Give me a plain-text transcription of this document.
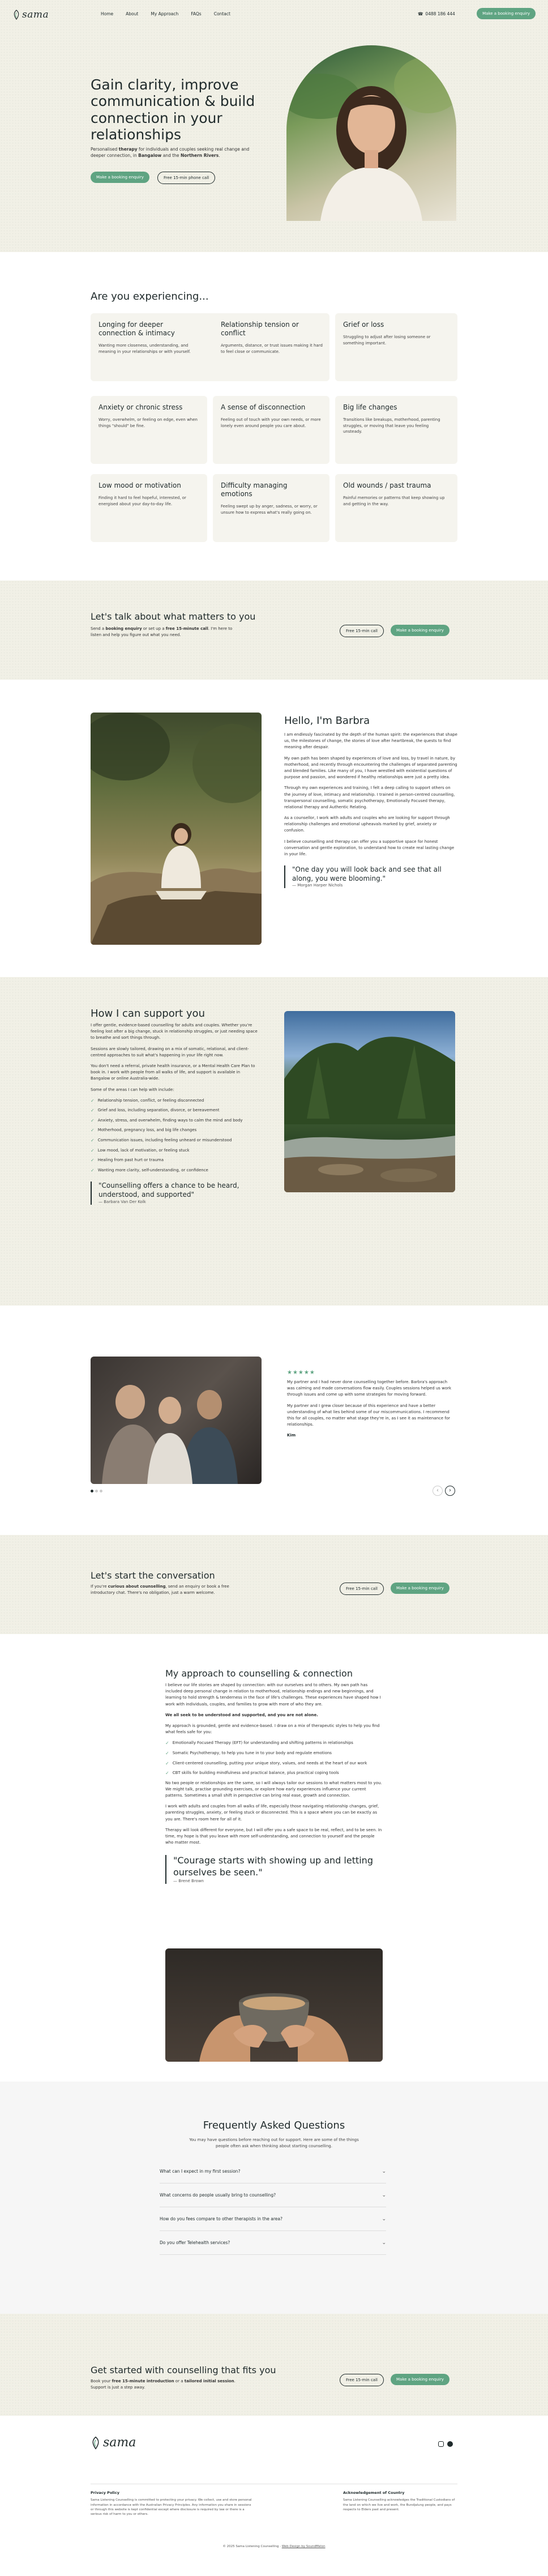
sama	Home	About	My Approach	FAQs	Contact	☎ 0488 186 444	Make a booking enquiry
Gain clarity, improve communication & build connection in your relationships

Personalised therapy for individuals and couples seeking real change and deeper connection, in Bangalow and the Northern Rivers.

Make a booking enquiry	Free 15-min phone call
Are you experiencing...
Longing for deeper connection & intimacy
Wanting more closeness, understanding, and meaning in your relationships or with yourself.
Relationship tension or conflict
Arguments, distance, or trust issues making it hard to feel close or communicate.
Grief or loss
Struggling to adjust after losing someone or something important.
Anxiety or chronic stress
Worry, overwhelm, or feeling on edge, even when things "should" be fine.
A sense of disconnection
Feeling out of touch with your own needs, or more lonely even around people you care about.
Big life changes
Transitions like breakups, motherhood, parenting struggles, or moving that leave you feeling unsteady.
Low mood or motivation
Finding it hard to feel hopeful, interested, or energised about your day-to-day life.
Difficulty managing emotions
Feeling swept up by anger, sadness, or worry, or unsure how to express what's really going on.
Old wounds / past trauma
Painful memories or patterns that keep showing up and getting in the way.
Let's talk about what matters to you

Send a booking enquiry or set up a free 15-minute call. I'm here to listen and help you figure out what you need.

Free 15-min call	Make a booking enquiry
Hello, I'm Barbra

I am endlessly fascinated by the depth of the human spirit: the experiences that shape us, the milestones of change, the stories of love after heartbreak, the quests to find meaning after despair.

My own path has been shaped by experiences of love and loss, by travel in nature, by motherhood, and recently through encountering the challenges of separated parenting and blended families. Like many of you, I have wrestled with existential questions of purpose and passion, and wondered if healthy relationships were just a pretty idea.

Through my own experiences and training, I felt a deep calling to support others on the journey of love, intimacy and relationship. I trained in person-centred counselling, transpersonal counselling, somatic psychotherapy, Emotionally Focused therapy, relational therapy and Authentic Relating.

As a counsellor, I work with adults and couples who are looking for support through relationship challenges and emotional upheavals marked by grief, anxiety or confusion.

I believe counselling and therapy can offer you a supportive space for honest conversation and gentle exploration, to understand how to create real lasting change in your life.

"One day you will look back and see that all along, you were blooming."
— Morgan Harper Nichols
How I can support you

I offer gentle, evidence-based counselling for adults and couples. Whether you're feeling lost after a big change, stuck in relationship struggles, or just needing space to breathe and sort things through.

Sessions are slowly tailored, drawing on a mix of somatic, relational, and client-centred approaches to suit what's happening in your life right now.

You don't need a referral, private health insurance, or a Mental Health Care Plan to book in. I work with people from all walks of life, and support is available in Bangalow or online Australia-wide.

Some of the areas I can help with include:

✓ Relationship tension, conflict, or feeling disconnected
✓ Grief and loss, including separation, divorce, or bereavement
✓ Anxiety, stress, and overwhelm, finding ways to calm the mind and body
✓ Motherhood, pregnancy loss, and big life changes
✓ Communication issues, including feeling unheard or misunderstood
✓ Low mood, lack of motivation, or feeling stuck
✓ Healing from past hurt or trauma
✓ Wanting more clarity, self-understanding, or confidence
"Counselling offers a chance to be heard, understood, and supported"
— Barbara Van Der Kolk
★★★★★

My partner and I had never done counselling together before. Barbra's approach was calming and made conversations flow easily. Couples sessions helped us work through issues and come up with some strategies for moving forward.

My partner and I grew closer because of this experience and have a better understanding of what lies behind some of our miscommunications. I recommend this for all couples, no matter what stage they're in, as I see it as maintenance for relationships.

Kim

‹ ›
Let's start the conversation

If you're curious about counselling, send an enquiry or book a free introductory chat. There's no obligation, just a warm welcome.

Free 15-min call	Make a booking enquiry
My approach to counselling & connection

I believe our life stories are shaped by connection: with our ourselves and to others. My own path has included deep personal change in relation to motherhood, relationship endings and new beginnings, and learning to hold strength & tenderness in the face of life's challenges. These experiences have shaped how I work with individuals, couples, and families to grow with more of who they are.

We all seek to be understood and supported, and you are not alone.

My approach is grounded, gentle and evidence-based. I draw on a mix of therapeutic styles to help you find what feels safe for you:

✓ Emotionally Focused Therapy (EFT) for understanding and shifting patterns in relationships
✓ Somatic Psychotherapy, to help you tune in to your body and regulate emotions
✓ Client-centered counselling, putting your unique story, values, and needs at the heart of our work
✓ CBT skills for building mindfulness and practical balance, plus practical coping tools

No two people or relationships are the same, so I will always tailor our sessions to what matters most to you. We might talk, practise grounding exercises, or explore how early experiences influence your current patterns. Sometimes a small shift in perspective can bring real ease, growth and connection.

I work with adults and couples from all walks of life, especially those navigating relationship changes, grief, parenting struggles, anxiety, or feeling stuck or disconnected. This is a space where you can be exactly as you are. There's room here for all of it.

Therapy will look different for everyone, but I will offer you a safe space to be real, reflect, and to be seen. In time, my hope is that you leave with more self-understanding, and connection to yourself and the people who matter most.

"Courage starts with showing up and letting ourselves be seen."
— Brené Brown
Frequently Asked Questions

You may have questions before reaching out for support. Here are some of the things people often ask when thinking about starting counselling.

What can I expect in my first session?	⌄
What concerns do people usually bring to counselling?	⌄
How do you fees compare to other therapists in the area?	⌄
Do you offer Telehealth services?	⌄
Get started with counselling that fits you

Book your free 15-minute introduction or a tailored initial session. Support is just a step away.

Free 15-min call	Make a booking enquiry
sama
Privacy Policy
Sama Listening Counselling is committed to protecting your privacy. We collect, use and store personal information in accordance with the Australian Privacy Principles. Any information you share in sessions or through this website is kept confidential except where disclosure is required by law or there is a serious risk of harm to you or others.
Acknowledgement of Country
Sama Listening Counselling acknowledges the Traditional Custodians of the land on which we live and work, the Bundjalung people, and pays respects to Elders past and present.
© 2025 Sama Listening Counselling · Web Design by SoundMelon
